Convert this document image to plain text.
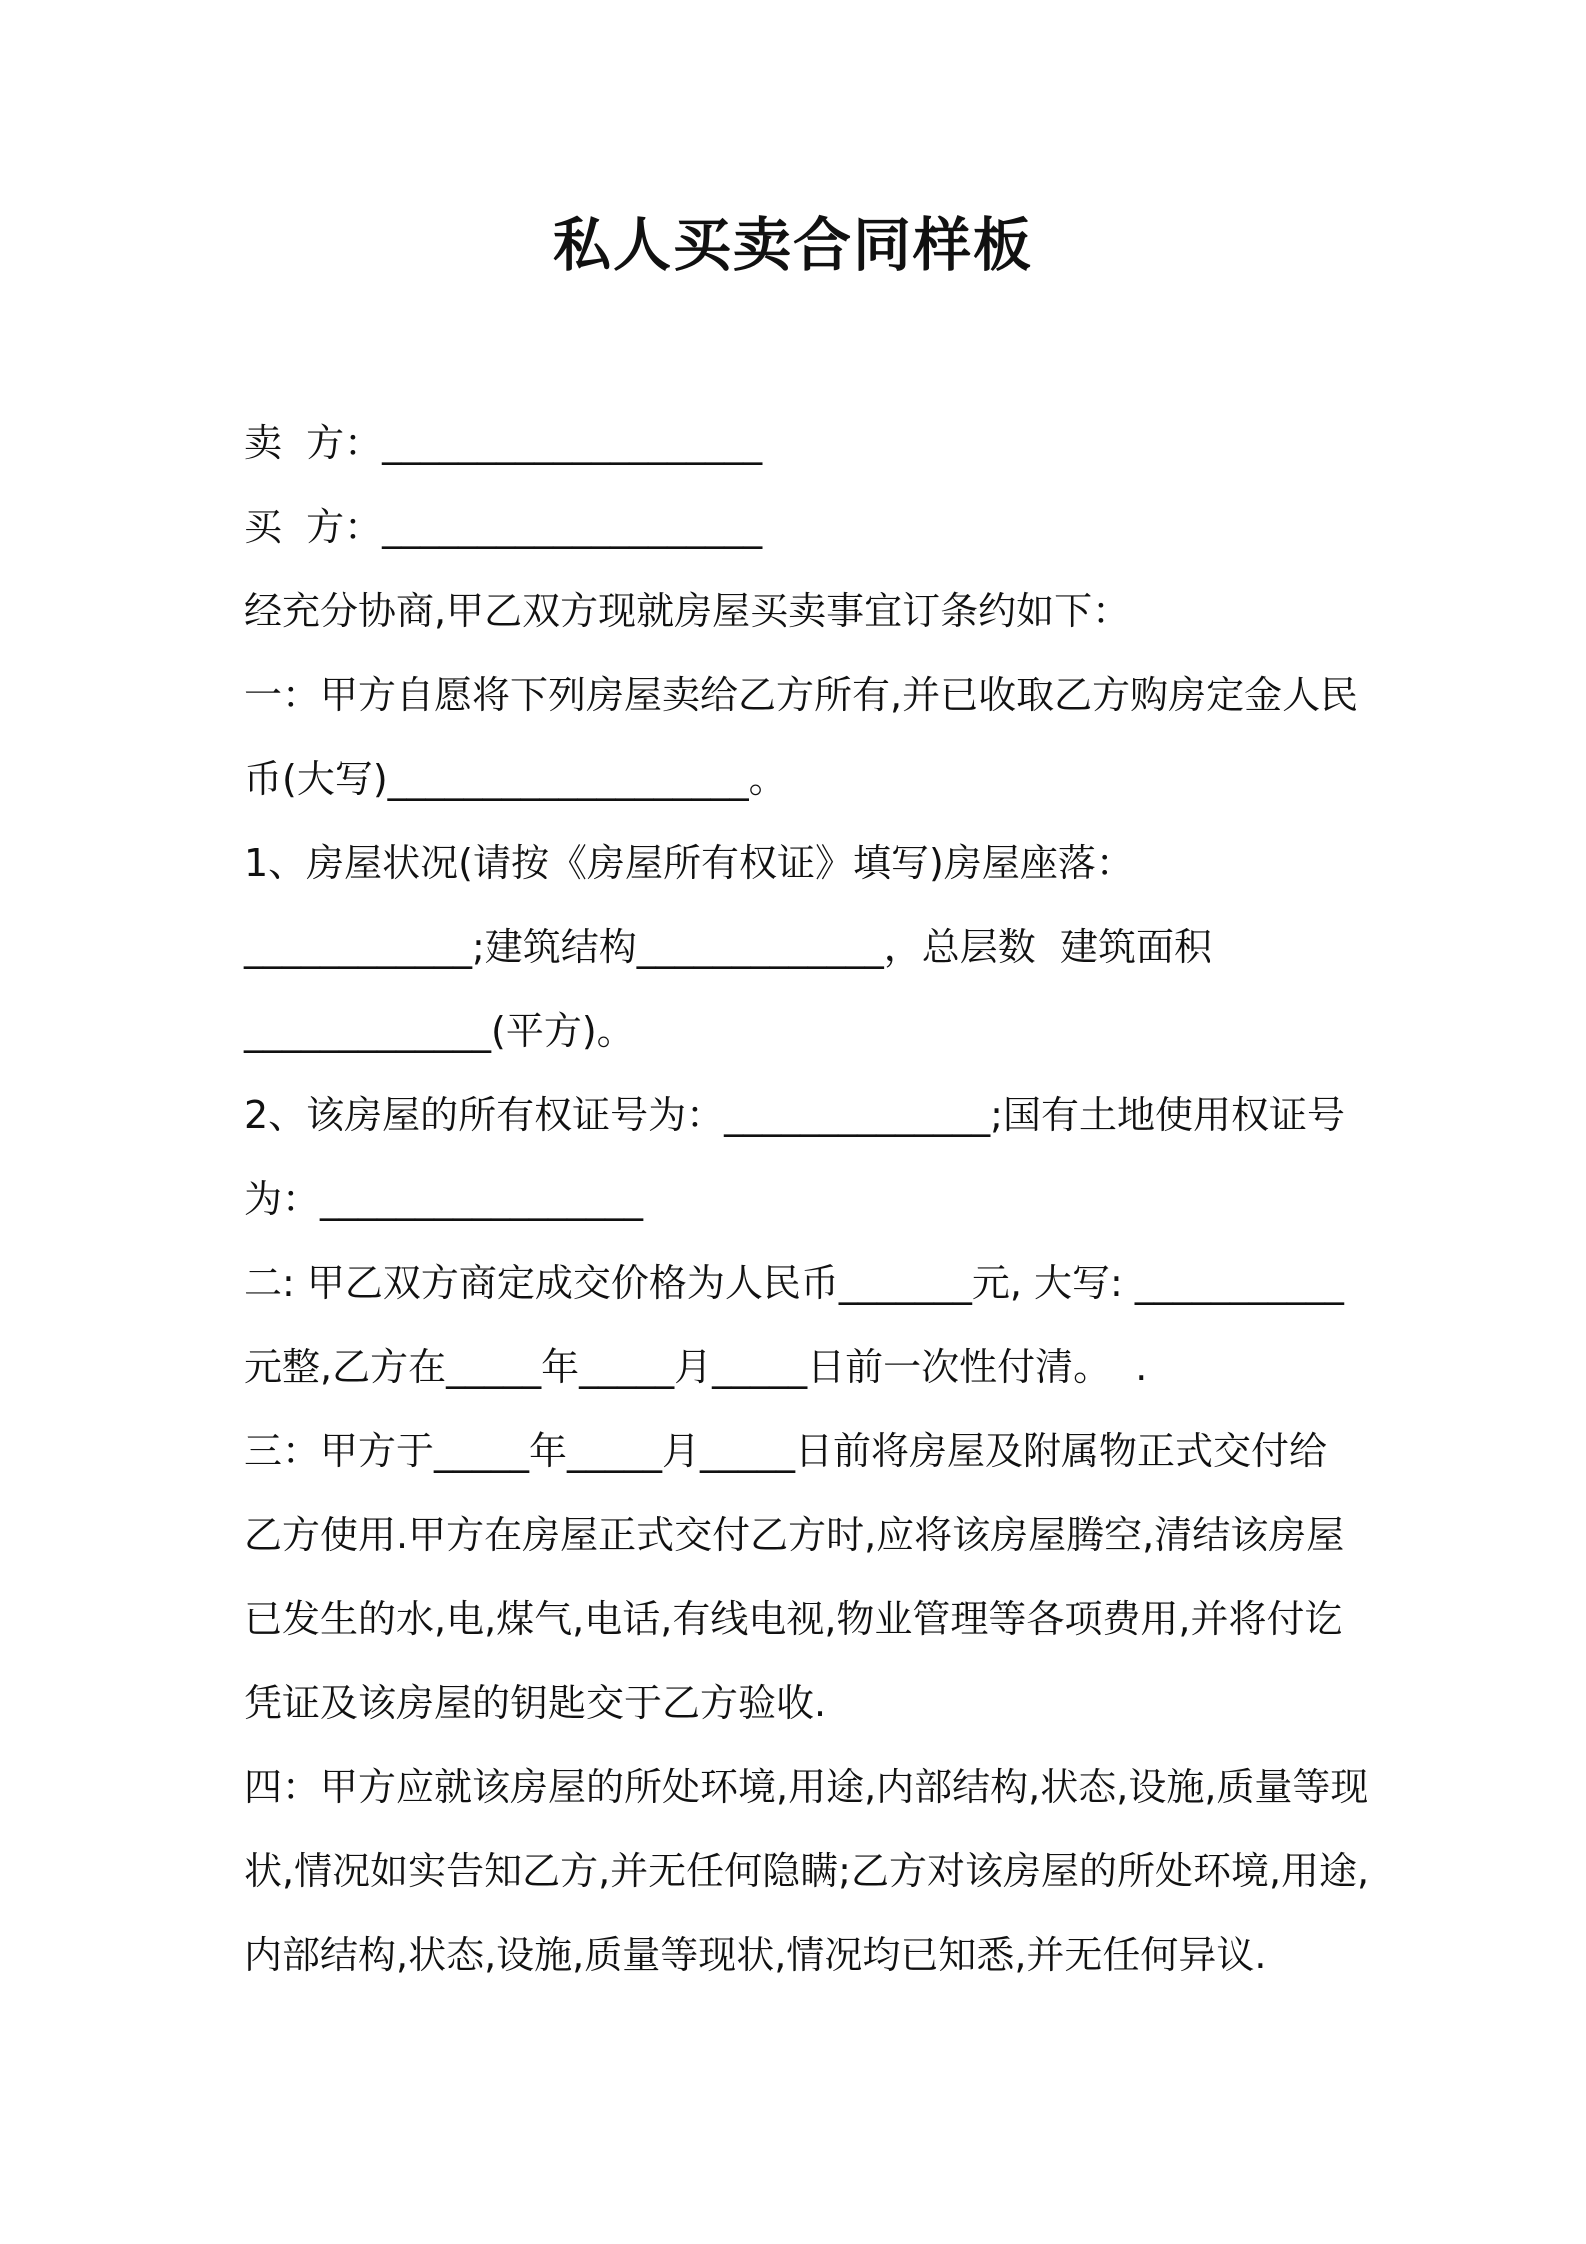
私人买卖合同样板
卖  方：____________________
买  方：____________________
经充分协商,甲乙双方现就房屋买卖事宜订条约如下：
一：甲方自愿将下列房屋卖给乙方所有,并已收取乙方购房定金人民
币(大写)___________________。
1、房屋状况(请按《房屋所有权证》填写)房屋座落：
____________;建筑结构_____________，总层数  建筑面积
_____________(平方)。
2、该房屋的所有权证号为：______________;国有土地使用权证号
为：_________________
二: 甲乙双方商定成交价格为人民币_______元, 大写: ___________
元整,乙方在_____年_____月_____日前一次性付清。  .
三：甲方于_____年_____月_____日前将房屋及附属物正式交付给
乙方使用.甲方在房屋正式交付乙方时,应将该房屋腾空,清结该房屋
已发生的水,电,煤气,电话,有线电视,物业管理等各项费用,并将付讫
凭证及该房屋的钥匙交于乙方验收.
四：甲方应就该房屋的所处环境,用途,内部结构,状态,设施,质量等现
状,情况如实告知乙方,并无任何隐瞒;乙方对该房屋的所处环境,用途,
内部结构,状态,设施,质量等现状,情况均已知悉,并无任何异议.
